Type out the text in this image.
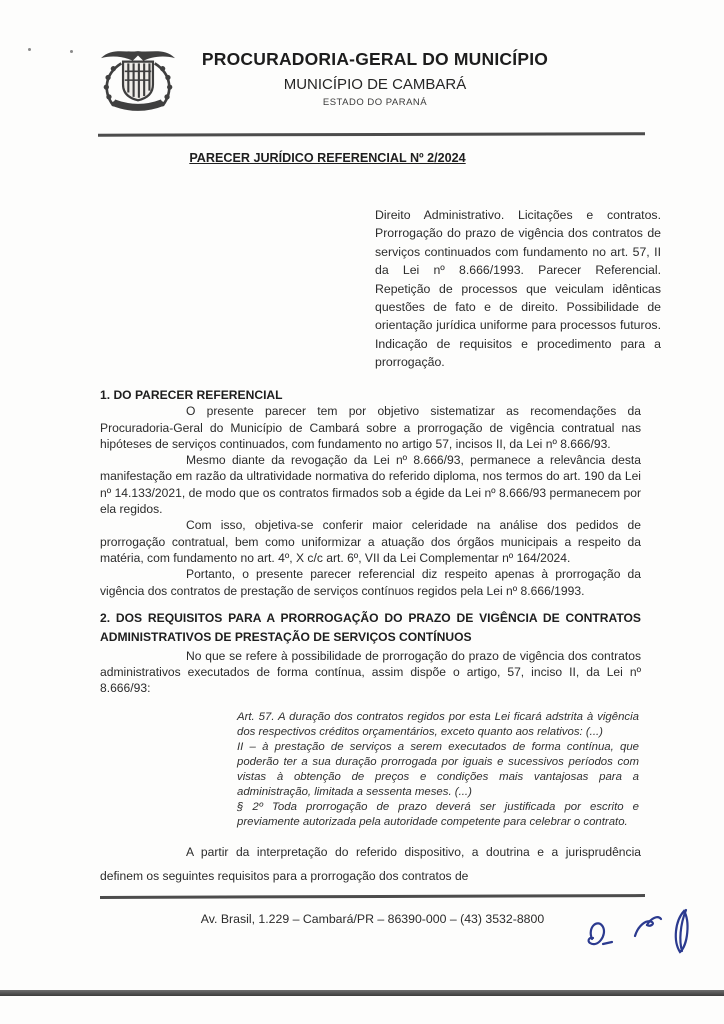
PROCURADORIA-GERAL DO MUNICÍPIO
MUNICÍPIO DE CAMBARÁ
ESTADO DO PARANÁ
PARECER JURÍDICO REFERENCIAL Nº 2/2024
Direito Administrativo. Licitações e contratos. Prorrogação do prazo de vigência dos contratos de serviços continuados com fundamento no art. 57, II da Lei nº 8.666/1993. Parecer Referencial. Repetição de processos que veiculam idênticas questões de fato e de direito. Possibilidade de orientação jurídica uniforme para processos futuros. Indicação de requisitos e procedimento para a prorrogação.
1. DO PARECER REFERENCIAL

O presente parecer tem por objetivo sistematizar as recomendações da Procuradoria-Geral do Município de Cambará sobre a prorrogação de vigência contratual nas hipóteses de serviços continuados, com fundamento no artigo 57, incisos II, da Lei nº 8.666/93.

Mesmo diante da revogação da Lei nº 8.666/93, permanece a relevância desta manifestação em razão da ultratividade normativa do referido diploma, nos termos do art. 190 da Lei nº 14.133/2021, de modo que os contratos firmados sob a égide da Lei nº 8.666/93 permanecem por ela regidos.

Com isso, objetiva-se conferir maior celeridade na análise dos pedidos de prorrogação contratual, bem como uniformizar a atuação dos órgãos municipais a respeito da matéria, com fundamento no art. 4º, X c/c art. 6º, VII da Lei Complementar nº 164/2024.

Portanto, o presente parecer referencial diz respeito apenas à prorrogação da vigência dos contratos de prestação de serviços contínuos regidos pela Lei nº 8.666/1993.

2. DOS REQUISITOS PARA A PRORROGAÇÃO DO PRAZO DE VIGÊNCIA DE CONTRATOS ADMINISTRATIVOS DE PRESTAÇÃO DE SERVIÇOS CONTÍNUOS

No que se refere à possibilidade de prorrogação do prazo de vigência dos contratos administrativos executados de forma contínua, assim dispõe o artigo, 57, inciso II, da Lei nº 8.666/93:

Art. 57. A duração dos contratos regidos por esta Lei ficará adstrita à vigência dos respectivos créditos orçamentários, exceto quanto aos relativos: (...)

II – à prestação de serviços a serem executados de forma contínua, que poderão ter a sua duração prorrogada por iguais e sucessivos períodos com vistas à obtenção de preços e condições mais vantajosas para a administração, limitada a sessenta meses. (...)

§ 2º Toda prorrogação de prazo deverá ser justificada por escrito e previamente autorizada pela autoridade competente para celebrar o contrato.

A partir da interpretação do referido dispositivo, a doutrina e a jurisprudência definem os seguintes requisitos para a prorrogação dos contratos de

Av. Brasil, 1.229 – Cambará/PR – 86390-000 – (43) 3532-8800
